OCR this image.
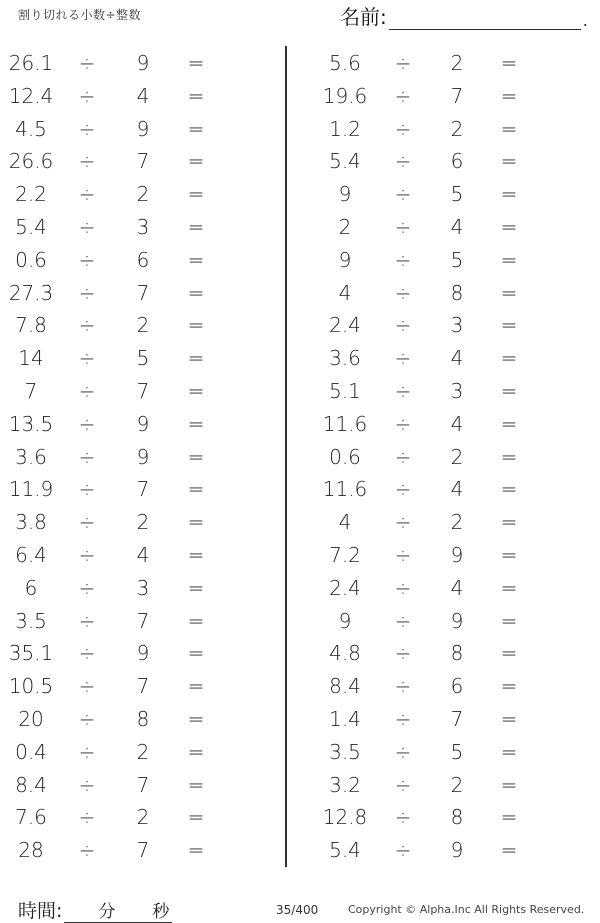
割り切れる小数÷整数	名前:	.
26.1 ÷	9	=
12.4 ÷	4	=
4.5	÷	9	=
26.6 ÷	7	=
2.2	÷	2	=
5.4	÷	3	=
0.6	÷	6	=
27.3 ÷	7	=
7.8	÷	2	=
14	÷	5	=
7	÷	7	=
13.5 ÷	9	=
3.6	÷	9	=
11.9 ÷	7	=
3.8	÷	2	=
6.4	÷	4	=
6	÷	3	=
3.5	÷	7	=
35.1 ÷	9	=
10.5 ÷	7	=
20	÷	8	=
0.4	÷	2	=
8.4	÷	7	=
7.6	÷	2	=
28	÷	7	=
5.6	÷	2	=
19.6 ÷	7	=
1.2	÷	2	=
5.4	÷	6	=
9	÷	5	=
2	÷	4	=
9	÷	5	=
4	÷	8	=
2.4	÷	3	=
3.6	÷	4	=
5.1	÷	3	=
11.6 ÷	4	=
0.6	÷	2	=
11.6 ÷	4	=
4	÷	2	=
7.2	÷	9	=
2.4	÷	4	=
9	÷	9	=
4.8	÷	8	=
8.4	÷	6	=
1.4	÷	7	=
3.5	÷	5	=
3.2	÷	2	=
12.8 ÷	8	=
5.4	÷	9	=
時間: 分 秒	35/400	Copyright © Alpha.Inc All Rights Reserved.
